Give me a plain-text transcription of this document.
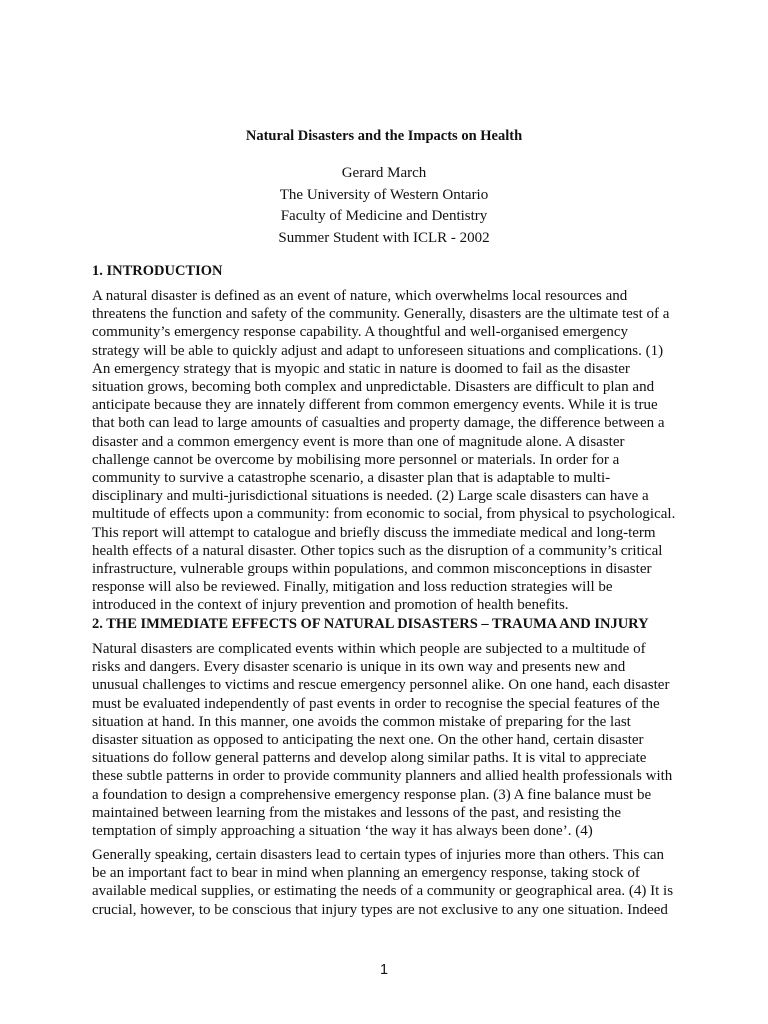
Natural Disasters and the Impacts on Health
Gerard March
The University of Western Ontario
Faculty of Medicine and Dentistry
Summer Student with ICLR - 2002
1. INTRODUCTION
A natural disaster is defined as an event of nature, which overwhelms local resources and
threatens the function and safety of the community. Generally, disasters are the ultimate test of a
community’s emergency response capability. A thoughtful and well-organised emergency
strategy will be able to quickly adjust and adapt to unforeseen situations and complications. (1)
An emergency strategy that is myopic and static in nature is doomed to fail as the disaster
situation grows, becoming both complex and unpredictable. Disasters are difficult to plan and
anticipate because they are innately different from common emergency events. While it is true
that both can lead to large amounts of casualties and property damage, the difference between a
disaster and a common emergency event is more than one of magnitude alone. A disaster
challenge cannot be overcome by mobilising more personnel or materials. In order for a
community to survive a catastrophe scenario, a disaster plan that is adaptable to multi-
disciplinary and multi-jurisdictional situations is needed. (2) Large scale disasters can have a
multitude of effects upon a community: from economic to social, from physical to psychological.
This report will attempt to catalogue and briefly discuss the immediate medical and long-term
health effects of a natural disaster. Other topics such as the disruption of a community’s critical
infrastructure, vulnerable groups within populations, and common misconceptions in disaster
response will also be reviewed. Finally, mitigation and loss reduction strategies will be
introduced in the context of injury prevention and promotion of health benefits.
2. THE IMMEDIATE EFFECTS OF NATURAL DISASTERS – TRAUMA AND INJURY
Natural disasters are complicated events within which people are subjected to a multitude of
risks and dangers. Every disaster scenario is unique in its own way and presents new and
unusual challenges to victims and rescue emergency personnel alike. On one hand, each disaster
must be evaluated independently of past events in order to recognise the special features of the
situation at hand. In this manner, one avoids the common mistake of preparing for the last
disaster situation as opposed to anticipating the next one. On the other hand, certain disaster
situations do follow general patterns and develop along similar paths. It is vital to appreciate
these subtle patterns in order to provide community planners and allied health professionals with
a foundation to design a comprehensive emergency response plan. (3) A fine balance must be
maintained between learning from the mistakes and lessons of the past, and resisting the
temptation of simply approaching a situation ‘the way it has always been done’. (4)
Generally speaking, certain disasters lead to certain types of injuries more than others. This can
be an important fact to bear in mind when planning an emergency response, taking stock of
available medical supplies, or estimating the needs of a community or geographical area. (4) It is
crucial, however, to be conscious that injury types are not exclusive to any one situation. Indeed
1
